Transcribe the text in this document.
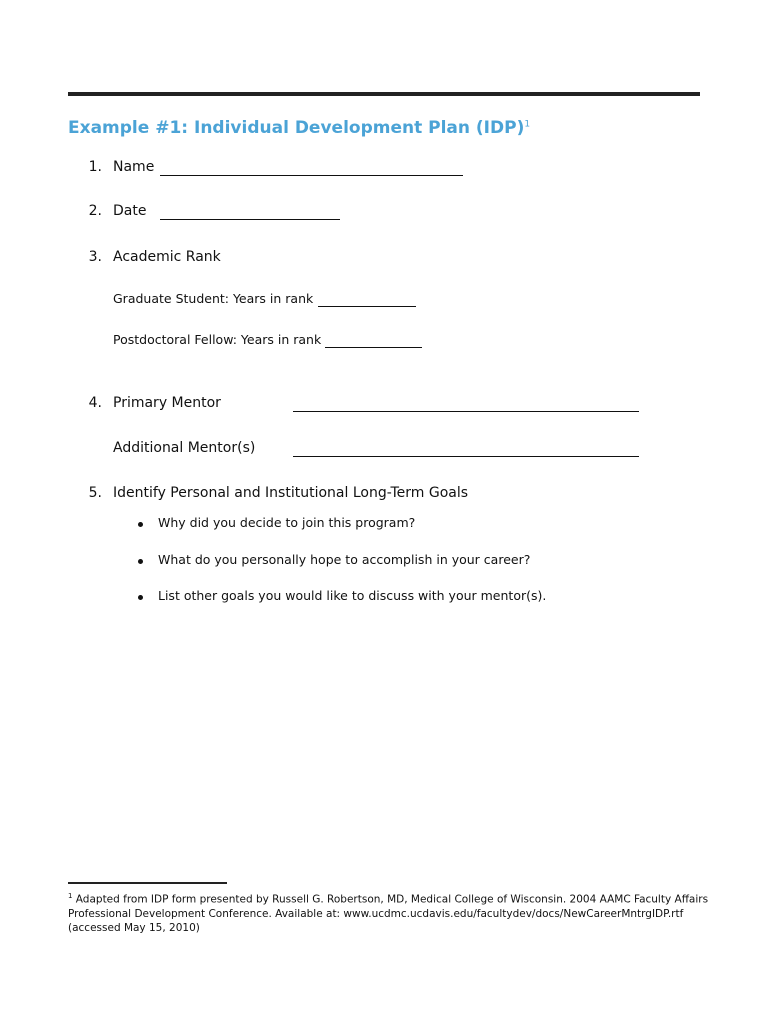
Example #1: Individual Development Plan (IDP)$^1$
1. Name
2. Date
3. Academic Rank
Graduate Student: Years in rank
Postdoctoral Fellow: Years in rank
4. Primary Mentor
Additional Mentor(s)
5. Identify Personal and Institutional Long-Term Goals
Why did you decide to join this program?
What do you personally hope to accomplish in your career?
List other goals you would like to discuss with your mentor(s).
$^1$ Adapted from IDP form presented by Russell G. Robertson, MD, Medical College of Wisconsin. 2004 AAMC Faculty Affairs
Professional Development Conference. Available at: www.ucdmc.ucdavis.edu/facultydev/docs/NewCareerMntrgIDP.rtf
(accessed May 15, 2010)
